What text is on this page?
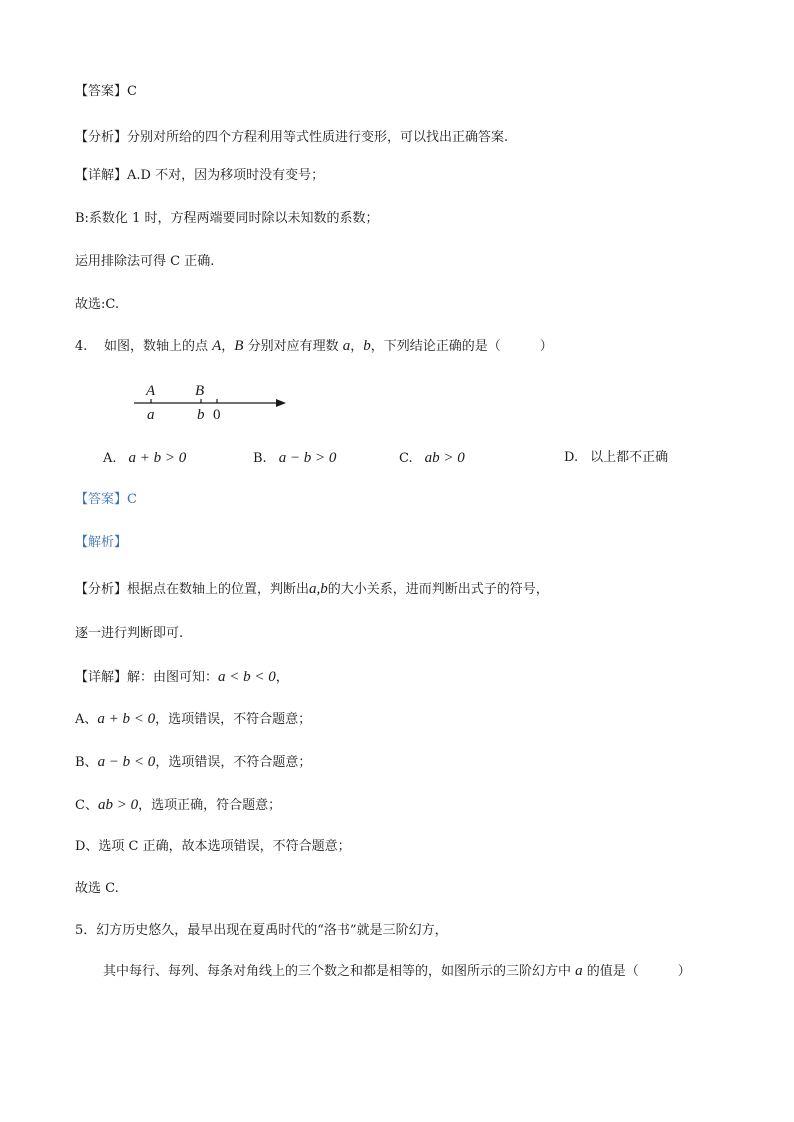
【答案】C
【分析】分别对所给的四个方程利用等式性质进行变形，可以找出正确答案.
【详解】A.D 不对，因为移项时没有变号；
B:系数化 1 时，方程两端要同时除以未知数的系数；
运用排除法可得 C 正确.
故选:C.
4. 如图，数轴上的点 A，B 分别对应有理数 a，b，下列结论正确的是（　　　）
A	B
a	b 0
A. a + b > 0	B. a − b > 0	C. ab > 0	D. 以上都不正确
【答案】C
【解析】
【分析】根据点在数轴上的位置，判断出a,b的大小关系，进而判断出式子的符号，
逐一进行判断即可.
【详解】解：由图可知：a < b < 0，
A、a + b < 0，选项错误，不符合题意；
B、a − b < 0，选项错误，不符合题意；
C、ab > 0，选项正确，符合题意；
D、选项 C 正确，故本选项错误，不符合题意；
故选 C.
5．幻方历史悠久，最早出现在夏禹时代的“洛书”就是三阶幻方，
其中每行、每列、每条对角线上的三个数之和都是相等的，如图所示的三阶幻方中 a 的值是（　　　）
